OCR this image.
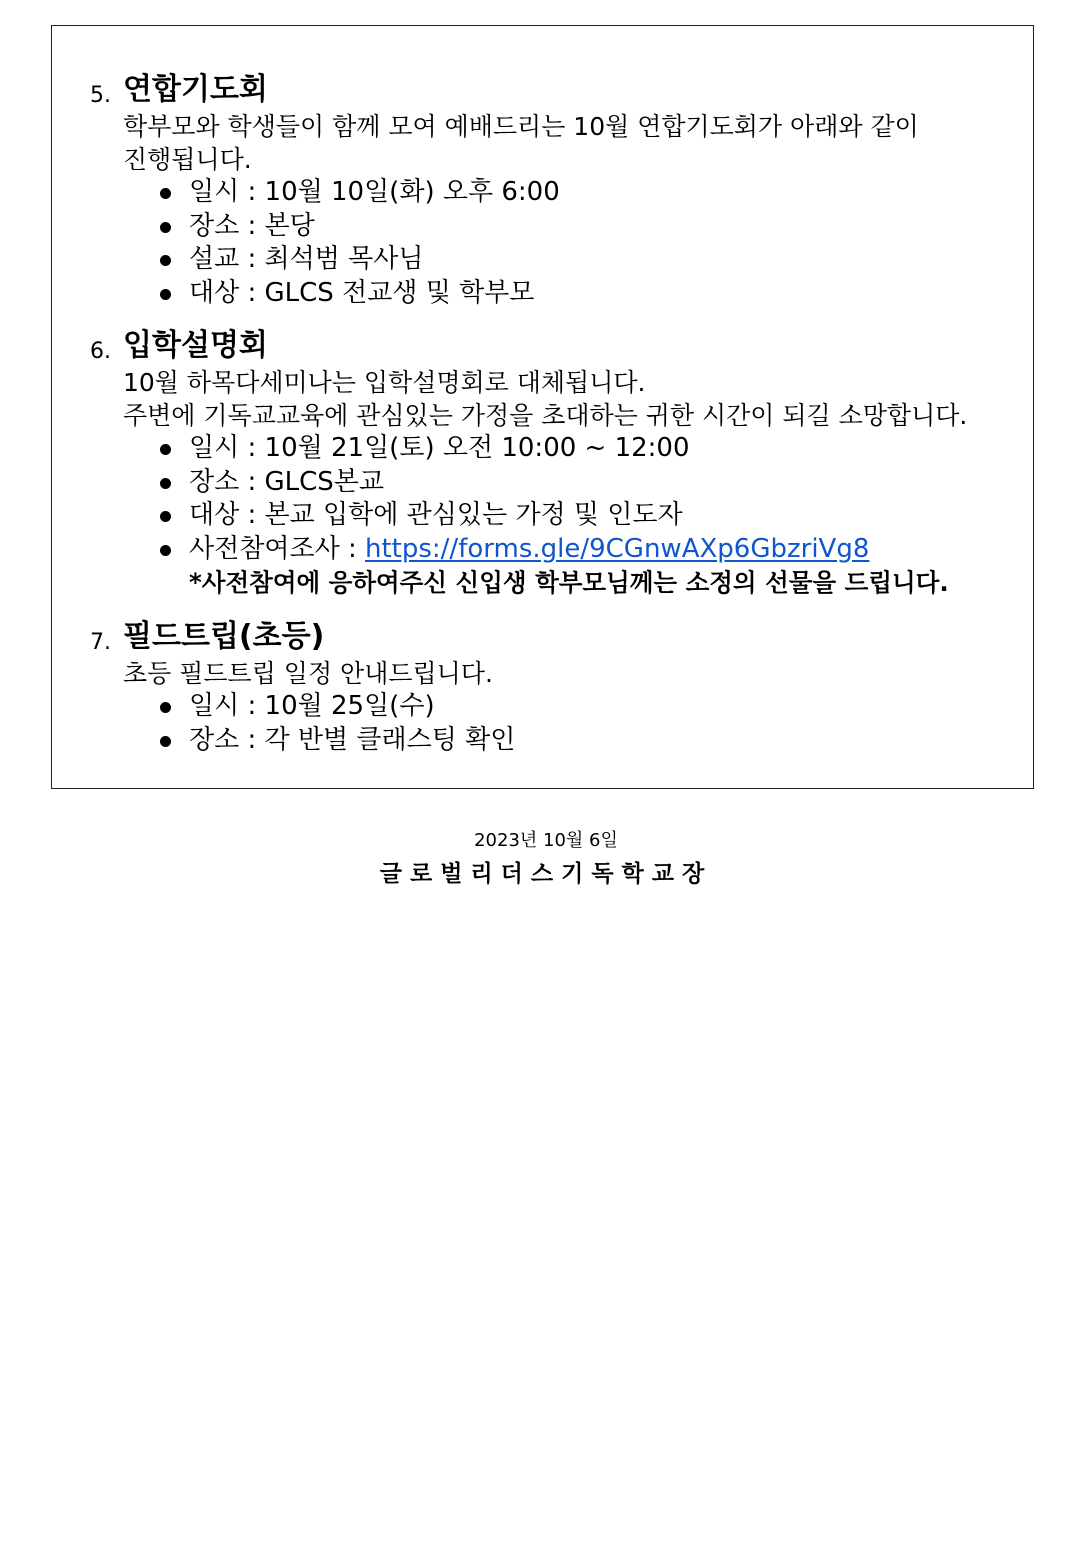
5. 연합기도회
학부모와 학생들이 함께 모여 예배드리는 10월 연합기도회가 아래와 같이
진행됩니다.
일시 : 10월 10일(화) 오후 6:00
장소 : 본당
설교 : 최석범 목사님
대상 : GLCS 전교생 및 학부모
6. 입학설명회
10월 하목다세미나는 입학설명회로 대체됩니다.
주변에 기독교교육에 관심있는 가정을 초대하는 귀한 시간이 되길 소망합니다.
일시 : 10월 21일(토) 오전 10:00 ~ 12:00
장소 : GLCS본교
대상 : 본교 입학에 관심있는 가정 및 인도자
사전참여조사 : https://forms.gle/9CGnwAXp6GbzriVg8
*사전참여에 응하여주신 신입생 학부모님께는 소정의 선물을 드립니다.
7. 필드트립(초등)
초등 필드트립 일정 안내드립니다.
일시 : 10월 25일(수)
장소 : 각 반별 클래스팅 확인
2023년 10월 6일
글로벌리더스기독학교장
